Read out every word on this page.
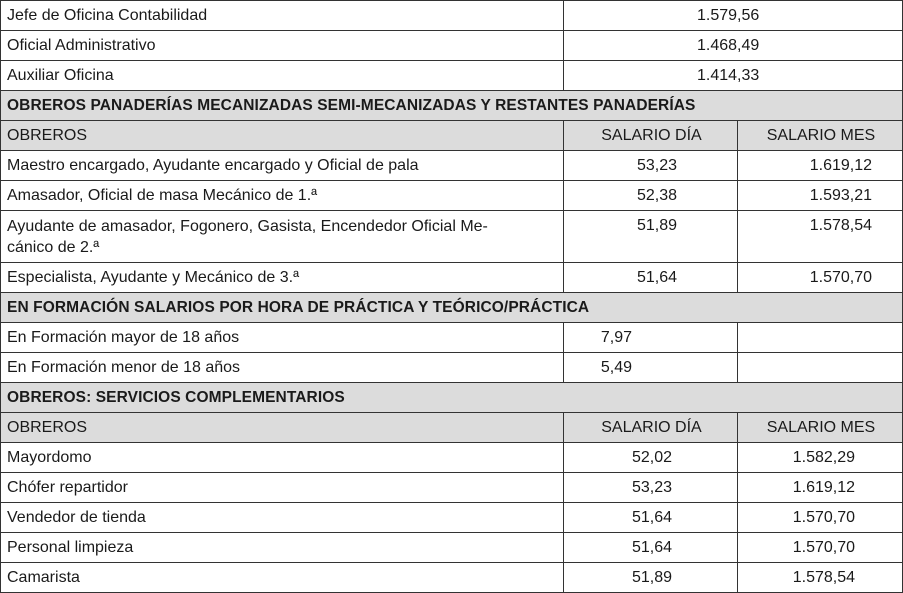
Jefe de Oficina Contabilidad	1.579,56	
Oficial Administrativo	1.468,49	
Auxiliar Oficina	1.414,33	
OBREROS PANADERÍAS MECANIZADAS SEMI-MECANIZADAS Y RESTANTES PANADERÍAS		
OBREROS	SALARIO DÍA	SALARIO MES
Maestro encargado, Ayudante encargado y Oficial de pala	53,23	1.619,12
Amasador, Oficial de masa Mecánico de 1.ª	52,38	1.593,21
Ayudante de amasador, Fogonero, Gasista, Encendedor Oficial Me-
cánico de 2.ª	51,89	1.578,54
Especialista, Ayudante y Mecánico de 3.ª	51,64	1.570,70
EN FORMACIÓN SALARIOS POR HORA DE PRÁCTICA Y TEÓRICO/PRÁCTICA		
En Formación mayor de 18 años	7,97	
En Formación menor de 18 años	5,49	
OBREROS: SERVICIOS COMPLEMENTARIOS		
OBREROS	SALARIO DÍA	SALARIO MES
Mayordomo	52,02	1.582,29
Chófer repartidor	53,23	1.619,12
Vendedor de tienda	51,64	1.570,70
Personal limpieza	51,64	1.570,70
Camarista	51,89	1.578,54
